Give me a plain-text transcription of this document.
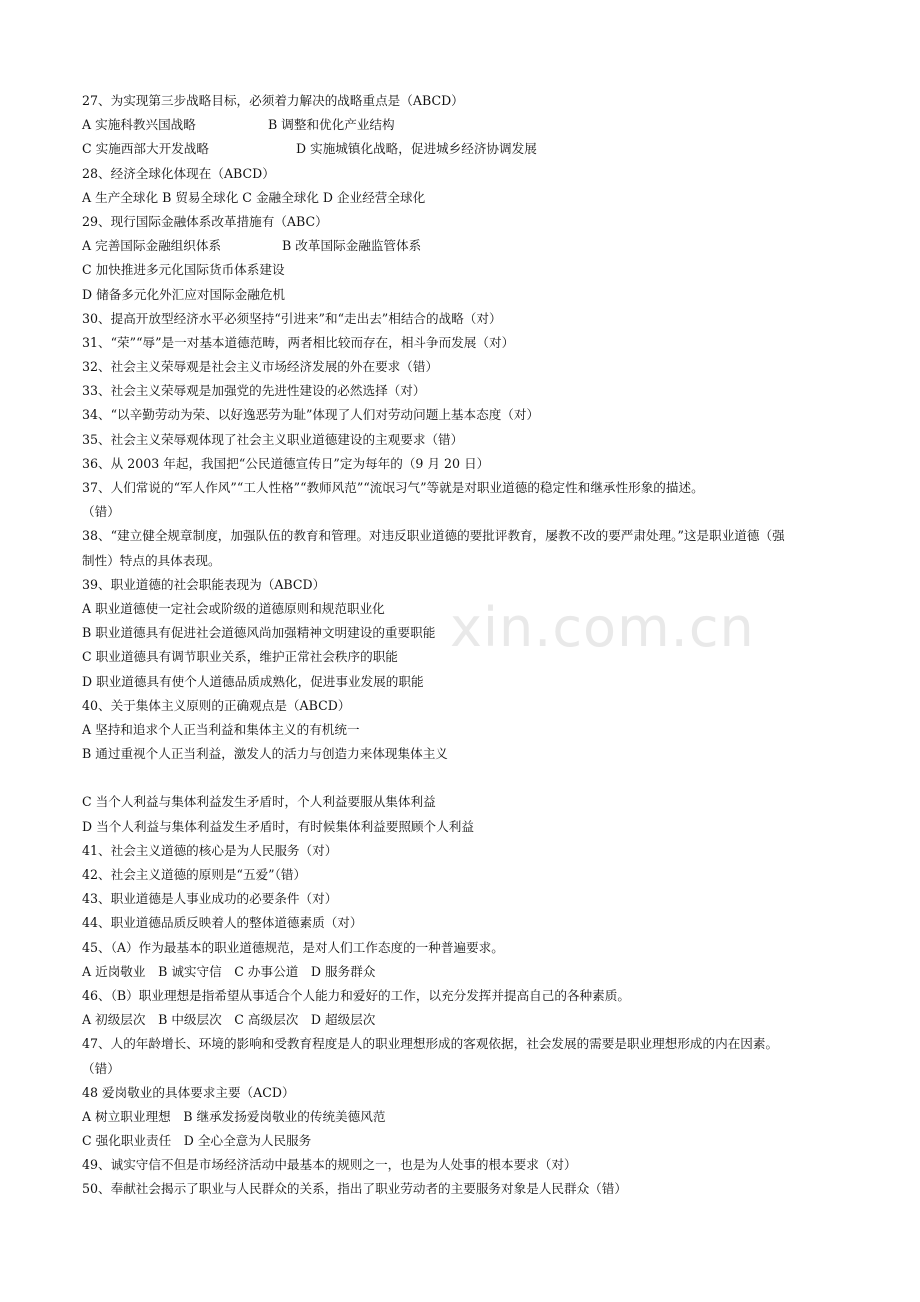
xin.com.cn
27、为实现第三步战略目标，必须着力解决的战略重点是（ABCD）
A 实施科教兴国战略	B 调整和优化产业结构
C 实施西部大开发战略	D 实施城镇化战略，促进城乡经济协调发展
28、经济全球化体现在（ABCD）
A 生产全球化 B 贸易全球化 C 金融全球化 D 企业经营全球化
29、现行国际金融体系改革措施有（ABC）
A 完善国际金融组织体系	B 改革国际金融监管体系
C 加快推进多元化国际货币体系建设
D 储备多元化外汇应对国际金融危机
30、提高开放型经济水平必须坚持“引进来”和“走出去”相结合的战略（对）
31、“荣”“辱”是一对基本道德范畴，两者相比较而存在，相斗争而发展（对）
32、社会主义荣辱观是社会主义市场经济发展的外在要求（错）
33、社会主义荣辱观是加强党的先进性建设的必然选择（对）
34、“以辛勤劳动为荣、以好逸恶劳为耻”体现了人们对劳动问题上基本态度（对）
35、社会主义荣辱观体现了社会主义职业道德建设的主观要求（错）
36、从 2003 年起，我国把“公民道德宣传日”定为每年的（9 月 20 日）
37、人们常说的“军人作风”“工人性格”“教师风范”“流氓习气”等就是对职业道德的稳定性和继承性形象的描述。
（错）
38、“建立健全规章制度，加强队伍的教育和管理。对违反职业道德的要批评教育，屡教不改的要严肃处理。”这是职业道德（强
制性）特点的具体表现。
39、职业道德的社会职能表现为（ABCD）
A 职业道德使一定社会或阶级的道德原则和规范职业化
B 职业道德具有促进社会道德风尚加强精神文明建设的重要职能
C 职业道德具有调节职业关系，维护正常社会秩序的职能
D 职业道德具有使个人道德品质成熟化，促进事业发展的职能
40、关于集体主义原则的正确观点是（ABCD）
A 坚持和追求个人正当利益和集体主义的有机统一
B 通过重视个人正当利益，激发人的活力与创造力来体现集体主义
C 当个人利益与集体利益发生矛盾时，个人利益要服从集体利益
D 当个人利益与集体利益发生矛盾时，有时候集体利益要照顾个人利益
41、社会主义道德的核心是为人民服务（对）
42、社会主义道德的原则是“五爱”（错）
43、职业道德是人事业成功的必要条件（对）
44、职业道德品质反映着人的整体道德素质（对）
45、（A）作为最基本的职业道德规范，是对人们工作态度的一种普遍要求。
A 近岗敬业　B 诚实守信　C 办事公道　D 服务群众
46、（B）职业理想是指希望从事适合个人能力和爱好的工作，以充分发挥并提高自己的各种素质。
A 初级层次　B 中级层次　C 高级层次　D 超级层次
47、人的年龄增长、环境的影响和受教育程度是人的职业理想形成的客观依据，社会发展的需要是职业理想形成的内在因素。
（错）
48 爱岗敬业的具体要求主要（ACD）
A 树立职业理想　B 继承发扬爱岗敬业的传统美德风范
C 强化职业责任　D 全心全意为人民服务
49、诚实守信不但是市场经济活动中最基本的规则之一，也是为人处事的根本要求（对）
50、奉献社会揭示了职业与人民群众的关系，指出了职业劳动者的主要服务对象是人民群众（错）
